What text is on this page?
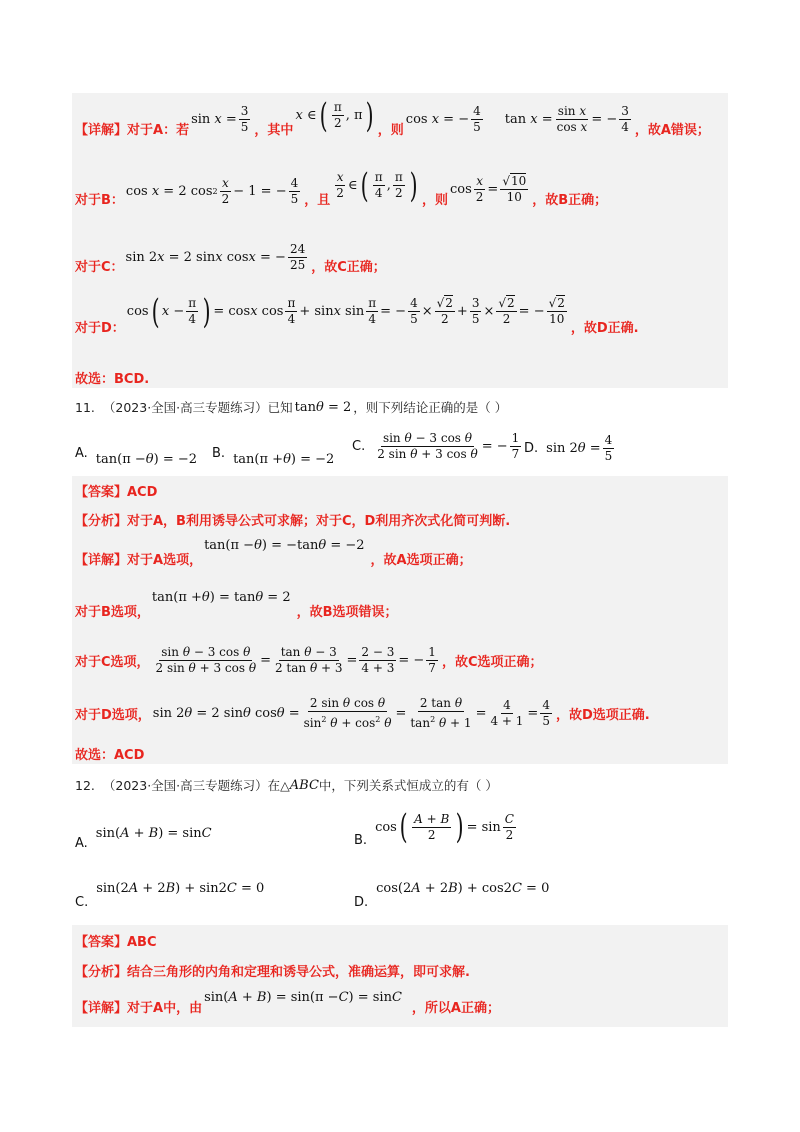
【详解】 对于A：若
$\sin x = \frac{3}{5}$ ，其中
x ∈ ( $\frac{\pi}{2}$ , π ) ，则
cos x = − $\frac{4}{5}$ $\tan x = \frac{\text{sin x}}{\text{cos x}}$ = − $\frac{3}{4}$ ，故A错误；
对于B：
cos x = 2 $\cos 2 \frac{x}{2} - 1$ = − $\frac{4}{5}$ ，且 $\frac{x}{2}$ ∈ ( $\frac{\pi}{4}$ , $\frac{\pi}{2}$ ) ，则
$\cos \frac{x}{2} = \frac{√10}{10}$ ，故B正确；
对于C：
sin 2 x = 2 sin x cos x = − $\frac{24}{25}$ ，故C正确；
对于D：
cos ( $x - \frac{\pi}{4}$ ) = cos x $\cos \frac{\pi}{4} + \sin x$ $\sin \frac{\pi}{4}$ = − $\frac{4}{5} \times \frac{√2}{2} + \frac{3}{5} \times \frac{√2}{2}$ = − $\frac{√2}{10}$
，故D正确.
故选：BCD.
11. （2023·全国·高三专题练习）已知 tan θ = 2 ，则下列结论正确的是（ ）
A. tan(π − θ ) = −2 B. tan(π + θ ) = −2
C. $\frac{\text{sin θ − 3 cos θ}}{\text{2 sin θ + 3 cos θ}}$ = − $\frac{1}{7} D$. sin 2 $\theta = \frac{4}{5}$
【答案】ACD
【分析】对于A，B利用诱导公式可求解；对于C，D利用齐次式化简可判断.
【详解】 对于A选项，
tan(π − θ ) = −tan θ = −2
，故A选项正确；
对于B选项，
tan(π + θ ) = tan θ = 2
，故B选项错误；
对于C选项， $\frac{\text{sin θ − 3 cos θ}}{\text{2 sin θ + 3 cos θ}} = \frac{\text{tan θ − 3}}{\text{2 tan θ + 3}} = \frac{2 - 3}{4 + 3}$ = − $\frac{1}{7}$ ，故C选项正确；
对于D选项， sin 2 θ = 2 sin θ $\cos \theta = \frac{\text{2 sin θ cos θ}}{\sin^2 \theta + \cos^2 \theta} = \frac{\text{2 tan θ}}{\tan^2 \theta + 1} = \frac{4}{4 + 1} = \frac{4}{5}$ ，故D选项正确.
故选：ACD
12. （2023·全国·高三专题练习）在△ ABC 中，下列关系式恒成立的有（ ）
A.
sin( A + B ) = sin C	B.
cos ( $\frac{A + B}{2}$ ) = $\sin \frac{C}{2}$
C.
sin(2 A + 2 B ) + sin2 C = 0
D.
cos(2 A + 2 B ) + cos2 C = 0
【答案】ABC
【分析】结合三角形的内角和定理和诱导公式，准确运算，即可求解.
【详解】 对于A中，由
sin( A + B ) = sin(π − C ) = sin C
，所以A正确；
